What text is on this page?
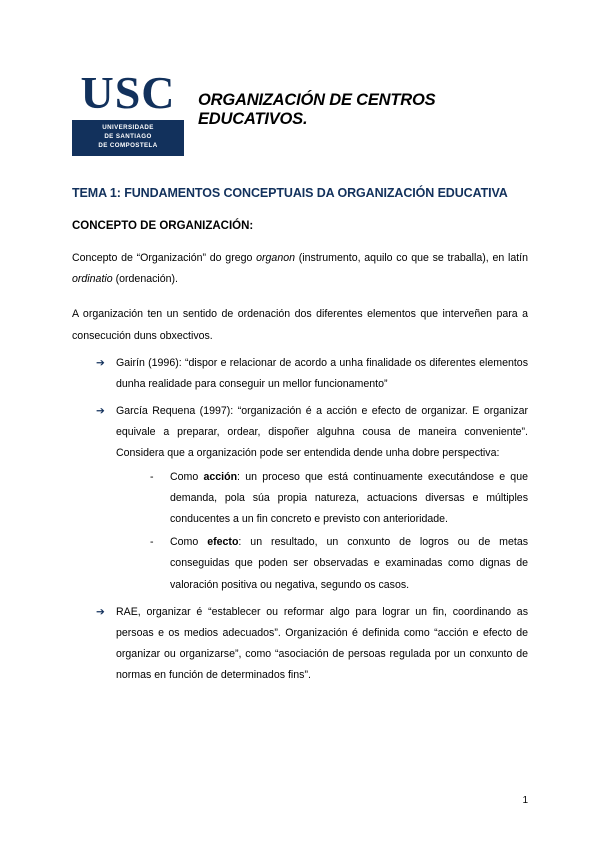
USC
UNIVERSIDADE
DE SANTIAGO
DE COMPOSTELA
ORGANIZACIÓN DE CENTROS EDUCATIVOS.
TEMA 1: FUNDAMENTOS CONCEPTUAIS DA ORGANIZACIÓN EDUCATIVA
CONCEPTO DE ORGANIZACIÓN:

Concepto de “Organización” do grego organon (instrumento, aquilo co que se traballa), en latín ordinatio (ordenación).

A organización ten un sentido de ordenación dos diferentes elementos que interveñen para a consecución duns obxectivos.

➔ Gairín (1996): “dispor e relacionar de acordo a unha finalidade os diferentes elementos dunha realidade para conseguir un mellor funcionamento”
➔ García Requena (1997): “organización é a acción e efecto de organizar. E organizar equivale a preparar, ordear, dispoñer alguhna cousa de maneira conveniente”. Considera que a organización pode ser entendida dende unha dobre perspectiva:
- Como acción: un proceso que está continuamente executándose e que demanda, pola súa propia natureza, actuacions diversas e múltiples conducentes a un fin concreto e previsto con anterioridade.
- Como efecto: un resultado, un conxunto de logros ou de metas conseguidas que poden ser observadas e examinadas como dignas de valoración positiva ou negativa, segundo os casos.
➔ RAE, organizar é “establecer ou reformar algo para lograr un fin, coordinando as persoas e os medios adecuados”. Organización é definida como “acción e efecto de organizar ou organizarse”, como “asociación de persoas regulada por un conxunto de normas en función de determinados fins”.
1
